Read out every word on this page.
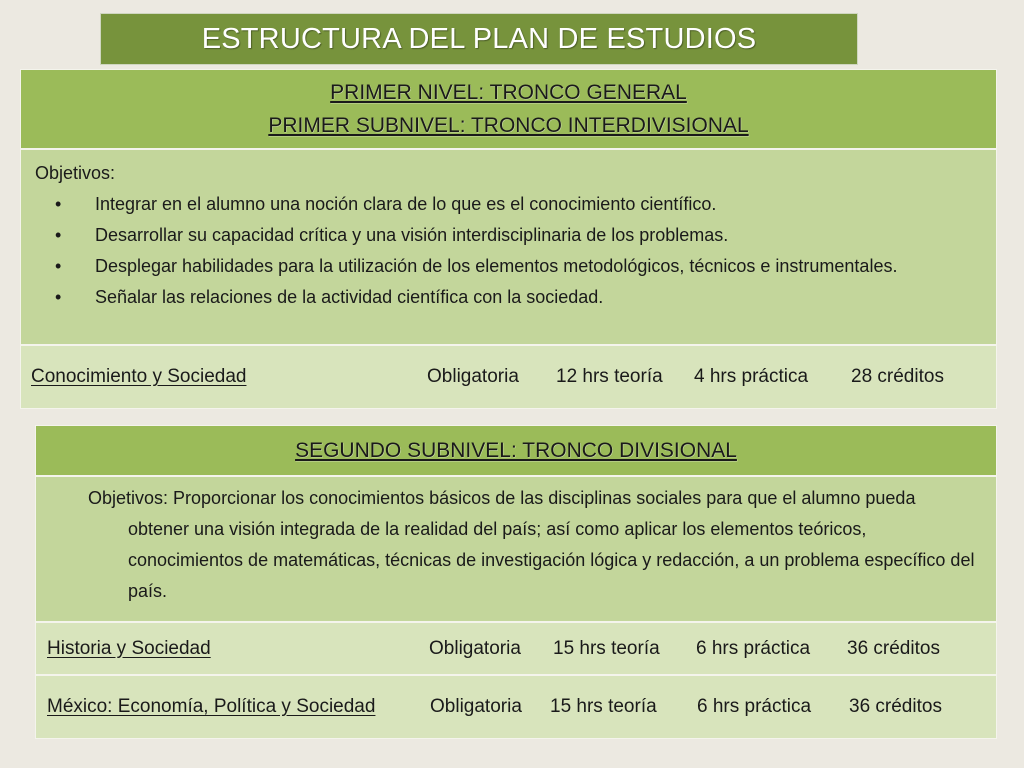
ESTRUCTURA DEL PLAN DE ESTUDIOS
PRIMER NIVEL: TRONCO GENERAL
PRIMER SUBNIVEL: TRONCO INTERDIVISIONAL
Objetivos:
• Integrar en el alumno una noción clara de lo que es el conocimiento científico.
• Desarrollar su capacidad crítica y una visión interdisciplinaria de los problemas.
• Desplegar habilidades para la utilización de los elementos metodológicos, técnicos e instrumentales.
• Señalar las relaciones de la actividad científica con la sociedad.
Conocimiento y Sociedad	Obligatoria 12 hrs teoría 4 hrs práctica 28 créditos
SEGUNDO SUBNIVEL: TRONCO DIVISIONAL
Objetivos: Proporcionar los conocimientos básicos de las disciplinas sociales para que el alumno pueda obtener una visión integrada de la realidad del país; así como aplicar los elementos teóricos, conocimientos de matemáticas, técnicas de investigación lógica y redacción, a un problema específico del país.
Historia y Sociedad	Obligatoria 15 hrs teoría 6 hrs práctica 36 créditos
México: Economía, Política y Sociedad	Obligatoria 15 hrs teoría 6 hrs práctica 36 créditos
